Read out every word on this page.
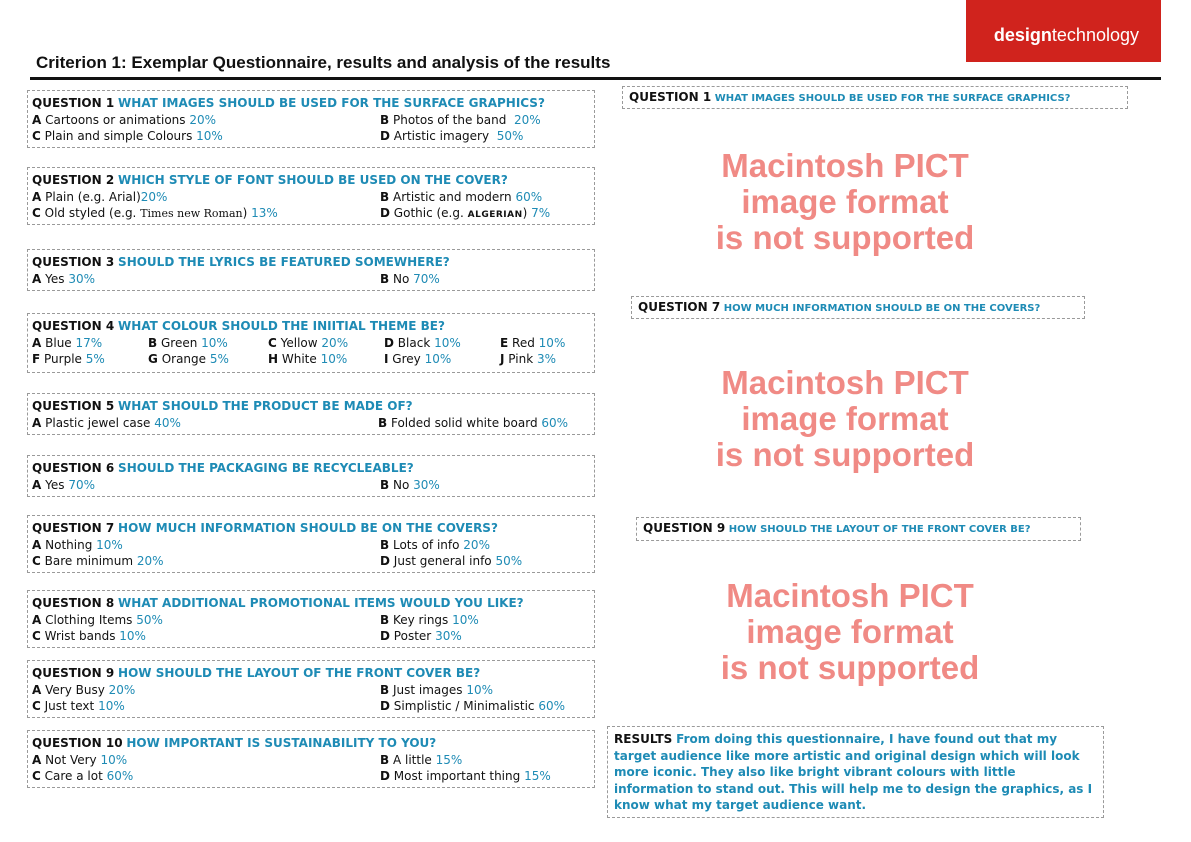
designtechnology
Criterion 1: Exemplar Questionnaire, results and analysis of the results
QUESTION 1 WHAT IMAGES SHOULD BE USED FOR THE SURFACE GRAPHICS?
A Cartoons or animations 20%	B Photos of the band 20%
C Plain and simple Colours 10%	D Artistic imagery 50%
QUESTION 2 WHICH STYLE OF FONT SHOULD BE USED ON THE COVER?
A Plain (e.g. Arial)20%	B Artistic and modern 60%
C Old styled (e.g. Times new Roman) 13%	D Gothic (e.g. ALGERIAN) 7%
QUESTION 3 SHOULD THE LYRICS BE FEATURED SOMEWHERE?
A Yes 30%	B No 70%
QUESTION 4 WHAT COLOUR SHOULD THE INIITIAL THEME BE?
A Blue 17%	B Green 10%	C Yellow 20%	D Black 10%	E Red 10%
F Purple 5%	G Orange 5%	H White 10%	I Grey 10%	J Pink 3%
QUESTION 5 WHAT SHOULD THE PRODUCT BE MADE OF?
A Plastic jewel case 40%	B Folded solid white board 60%
QUESTION 6 SHOULD THE PACKAGING BE RECYCLEABLE?
A Yes 70%	B No 30%
QUESTION 7 HOW MUCH INFORMATION SHOULD BE ON THE COVERS?
A Nothing 10%	B Lots of info 20%
C Bare minimum 20%	D Just general info 50%
QUESTION 8 WHAT ADDITIONAL PROMOTIONAL ITEMS WOULD YOU LIKE?
A Clothing Items 50%	B Key rings 10%
C Wrist bands 10%	D Poster 30%
QUESTION 9 HOW SHOULD THE LAYOUT OF THE FRONT COVER BE?
A Very Busy 20%	B Just images 10%
C Just text 10%	D Simplistic / Minimalistic 60%
QUESTION 10 HOW IMPORTANT IS SUSTAINABILITY TO YOU?
A Not Very 10%	B A little 15%
C Care a lot 60%	D Most important thing 15%
QUESTION 1 WHAT IMAGES SHOULD BE USED FOR THE SURFACE GRAPHICS?
Macintosh PICT
image format
is not supported
QUESTION 7 HOW MUCH INFORMATION SHOULD BE ON THE COVERS?
Macintosh PICT
image format
is not supported
QUESTION 9 HOW SHOULD THE LAYOUT OF THE FRONT COVER BE?
Macintosh PICT
image format
is not supported
RESULTS From doing this questionnaire, I have found out that my target audience like more artistic and original design which will look more iconic. They also like bright vibrant colours with little information to stand out. This will help me to design the graphics, as I know what my target audience want.
